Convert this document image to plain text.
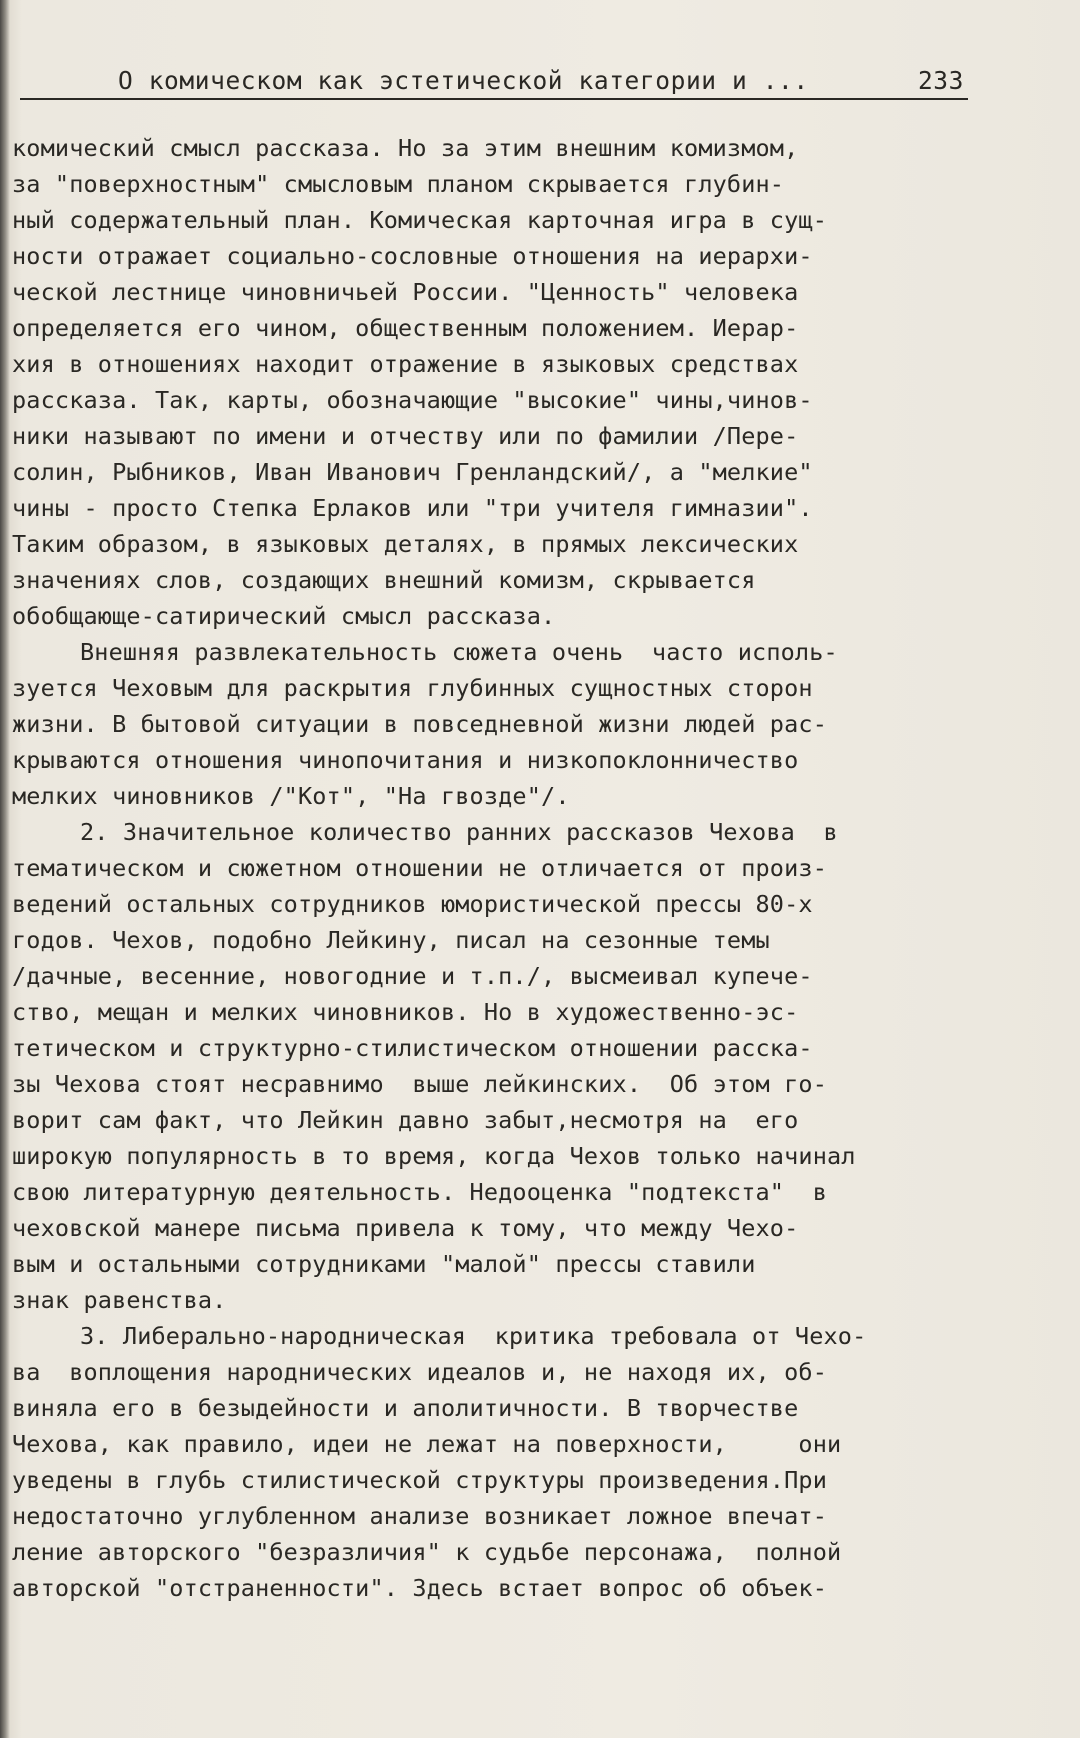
О комическом как эстетической категории и ...	233
комический смысл рассказа. Но за этим внешним комизмом,
за "поверхностным" смысловым планом скрывается глубин-
ный содержательный план. Комическая карточная игра в сущ-
ности отражает социально-сословные отношения на иерархи-
ческой лестнице чиновничьей России. "Ценность" человека
определяется его чином, общественным положением. Иерар-
хия в отношениях находит отражение в языковых средствах
рассказа. Так, карты, обозначающие "высокие" чины,чинов-
ники называют по имени и отчеству или по фамилии /Пере-
солин, Рыбников, Иван Иванович Гренландский/, а "мелкие"
чины - просто Степка Ерлаков или "три учителя гимназии".
Таким образом, в языковых деталях, в прямых лексических
значениях слов, создающих внешний комизм, скрывается
обобщающе-сатирический смысл рассказа.
Внешняя развлекательность сюжета очень  часто исполь-
зуется Чеховым для раскрытия глубинных сущностных сторон
жизни. В бытовой ситуации в повседневной жизни людей рас-
крываются отношения чинопочитания и низкопоклонничество
мелких чиновников /"Кот", "На гвозде"/.
2. Значительное количество ранних рассказов Чехова  в
тематическом и сюжетном отношении не отличается от произ-
ведений остальных сотрудников юмористической прессы 80-х
годов. Чехов, подобно Лейкину, писал на сезонные темы
/дачные, весенние, новогодние и т.п./, высмеивал купече-
ство, мещан и мелких чиновников. Но в художественно-эс-
тетическом и структурно-стилистическом отношении расска-
зы Чехова стоят несравнимо  выше лейкинских.  Об этом го-
ворит сам факт, что Лейкин давно забыт,несмотря на  его
широкую популярность в то время, когда Чехов только начинал
свою литературную деятельность. Недооценка "подтекста"  в
чеховской манере письма привела к тому, что между Чехо-
вым и остальными сотрудниками "малой" прессы ставили
знак равенства.
3. Либерально-народническая  критика требовала от Чехо-
ва  воплощения народнических идеалов и, не находя их, об-
виняла его в безыдейности и аполитичности. В творчестве
Чехова, как правило, идеи не лежат на поверхности,     они
уведены в глубь стилистической структуры произведения.При
недостаточно углубленном анализе возникает ложное впечат-
ление авторского "безразличия" к судьбе персонажа,  полной
авторской "отстраненности". Здесь встает вопрос об объек-
